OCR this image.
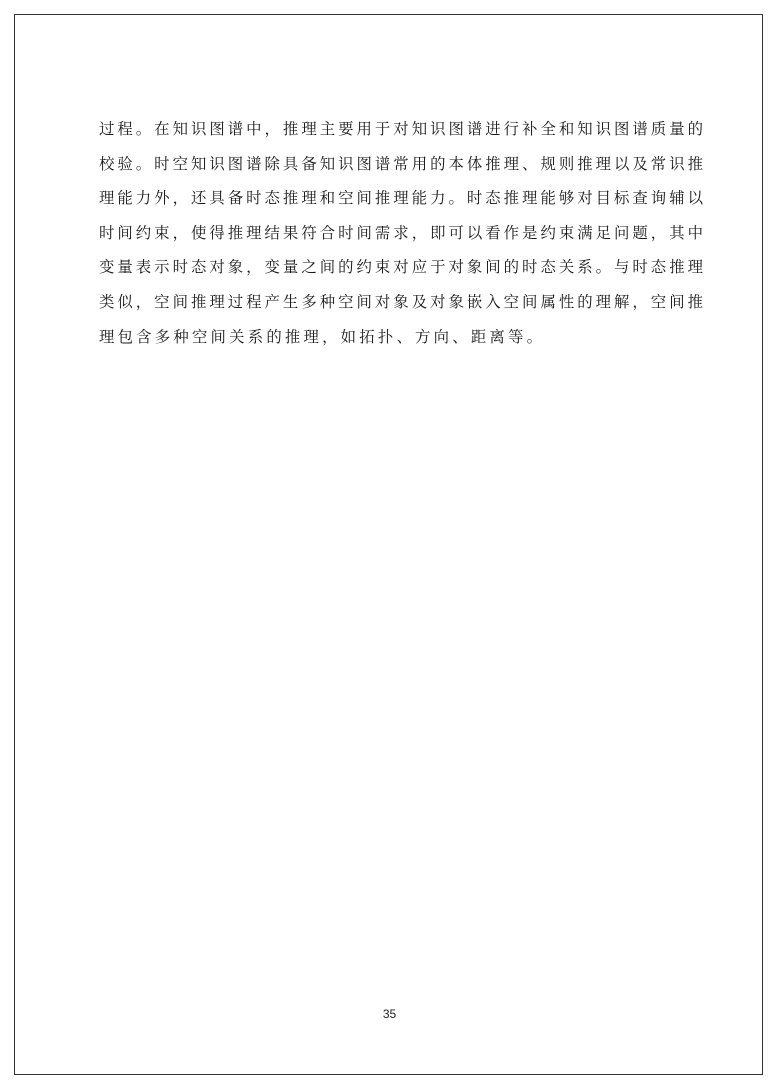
过程。在知识图谱中，推理主要用于对知识图谱进行补全和知识图谱质量的
校验。时空知识图谱除具备知识图谱常用的本体推理、规则推理以及常识推
理能力外，还具备时态推理和空间推理能力。时态推理能够对目标查询辅以
时间约束，使得推理结果符合时间需求，即可以看作是约束满足问题，其中
变量表示时态对象，变量之间的约束对应于对象间的时态关系。与时态推理
类似，空间推理过程产生多种空间对象及对象嵌入空间属性的理解，空间推
理包含多种空间关系的推理，如拓扑、方向、距离等。
35
